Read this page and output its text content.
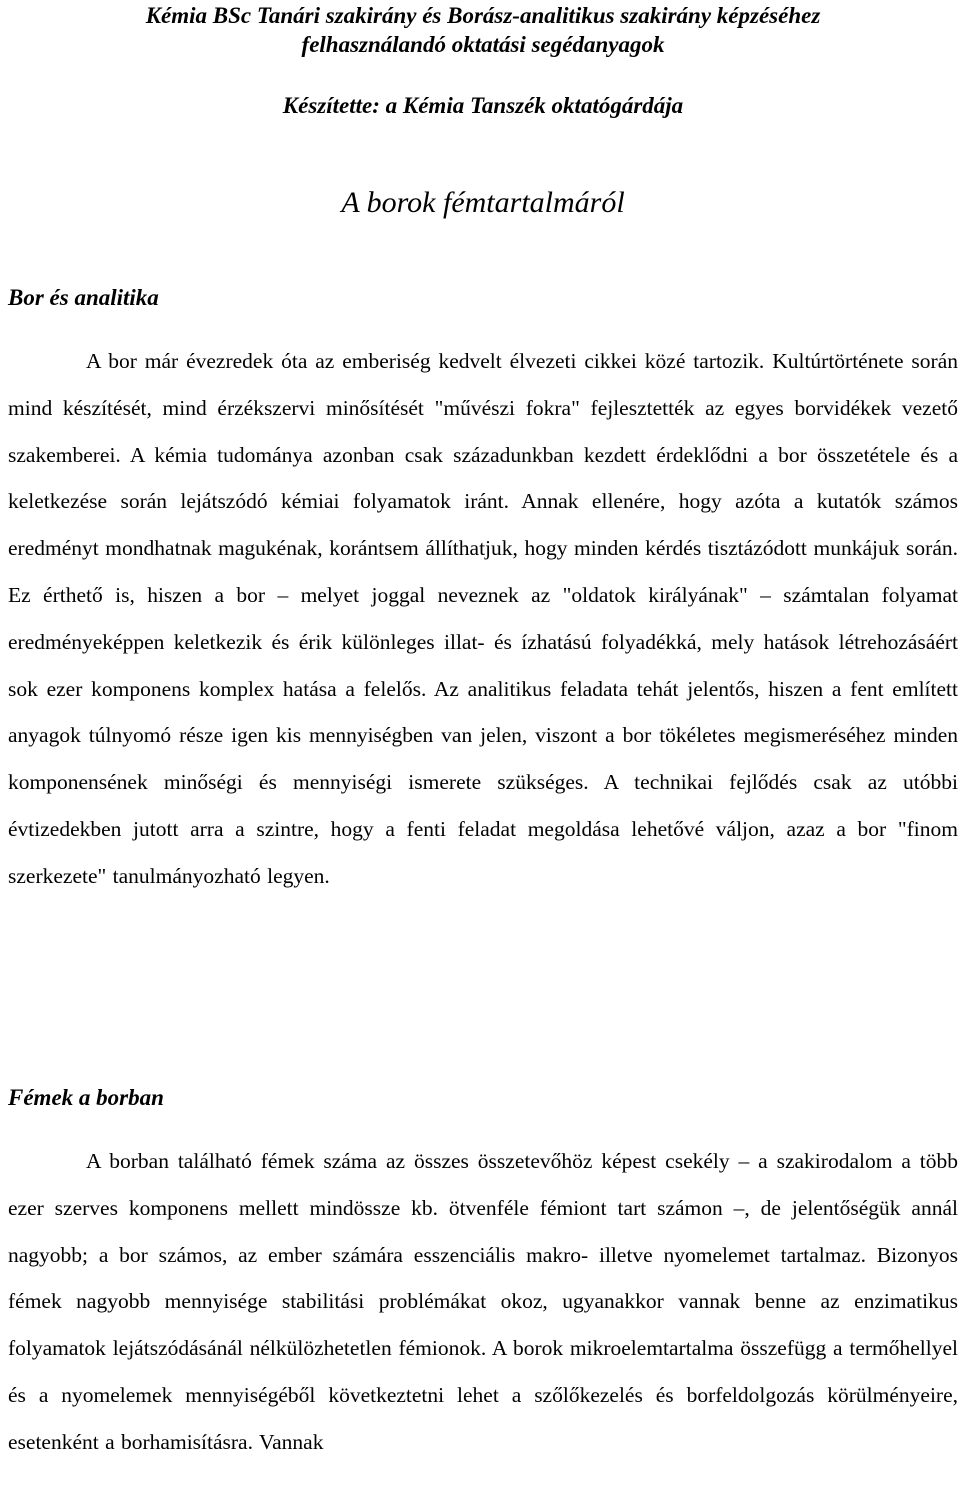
Kémia BSc Tanári szakirány és Borász-analitikus szakirány képzéséhez

felhasználandó oktatási segédanyagok

Készítette: a Kémia Tanszék oktatógárdája

A borok fémtartalmáról
Bor és analitika

A bor már évezredek óta az emberiség kedvelt élvezeti cikkei közé tartozik. Kultúrtörténete során mind készítését, mind érzékszervi minősítését "művészi fokra" fejlesztették az egyes borvidékek vezető szakemberei. A kémia tudománya azonban csak századunkban kezdett érdeklődni a bor összetétele és a keletkezése során lejátszódó kémiai folyamatok iránt. Annak ellenére, hogy azóta a kutatók számos eredményt mondhatnak magukénak, korántsem állíthatjuk, hogy minden kérdés tisztázódott munkájuk során. Ez érthető is, hiszen a bor – melyet joggal neveznek az "oldatok királyának" – számtalan folyamat eredményeképpen keletkezik és érik különleges illat- és ízhatású folyadékká, mely hatások létrehozásáért sok ezer komponens komplex hatása a felelős. Az analitikus feladata tehát jelentős, hiszen a fent említett anyagok túlnyomó része igen kis mennyiségben van jelen, viszont a bor tökéletes megismeréséhez minden komponensének minőségi és mennyiségi ismerete szükséges. A technikai fejlődés csak az utóbbi évtizedekben jutott arra a szintre, hogy a fenti feladat megoldása lehetővé váljon, azaz a bor "finom szerkezete" tanulmányozható legyen.

Fémek a borban

A borban található fémek száma az összes összetevőhöz képest csekély – a szakirodalom a több ezer szerves komponens mellett mindössze kb. ötvenféle fémiont tart számon –, de jelentőségük annál nagyobb; a bor számos, az ember számára esszenciális makro- illetve nyomelemet tartalmaz. Bizonyos fémek nagyobb mennyisége stabilitási problémákat okoz, ugyanakkor vannak benne az enzimatikus folyamatok lejátszódásánál nélkülözhetetlen fémionok. A borok mikroelemtartalma összefügg a termőhellyel és a nyomelemek mennyiségéből következtetni lehet a szőlőkezelés és borfeldolgozás körülményeire, esetenként a borhamisításra. Vannak
